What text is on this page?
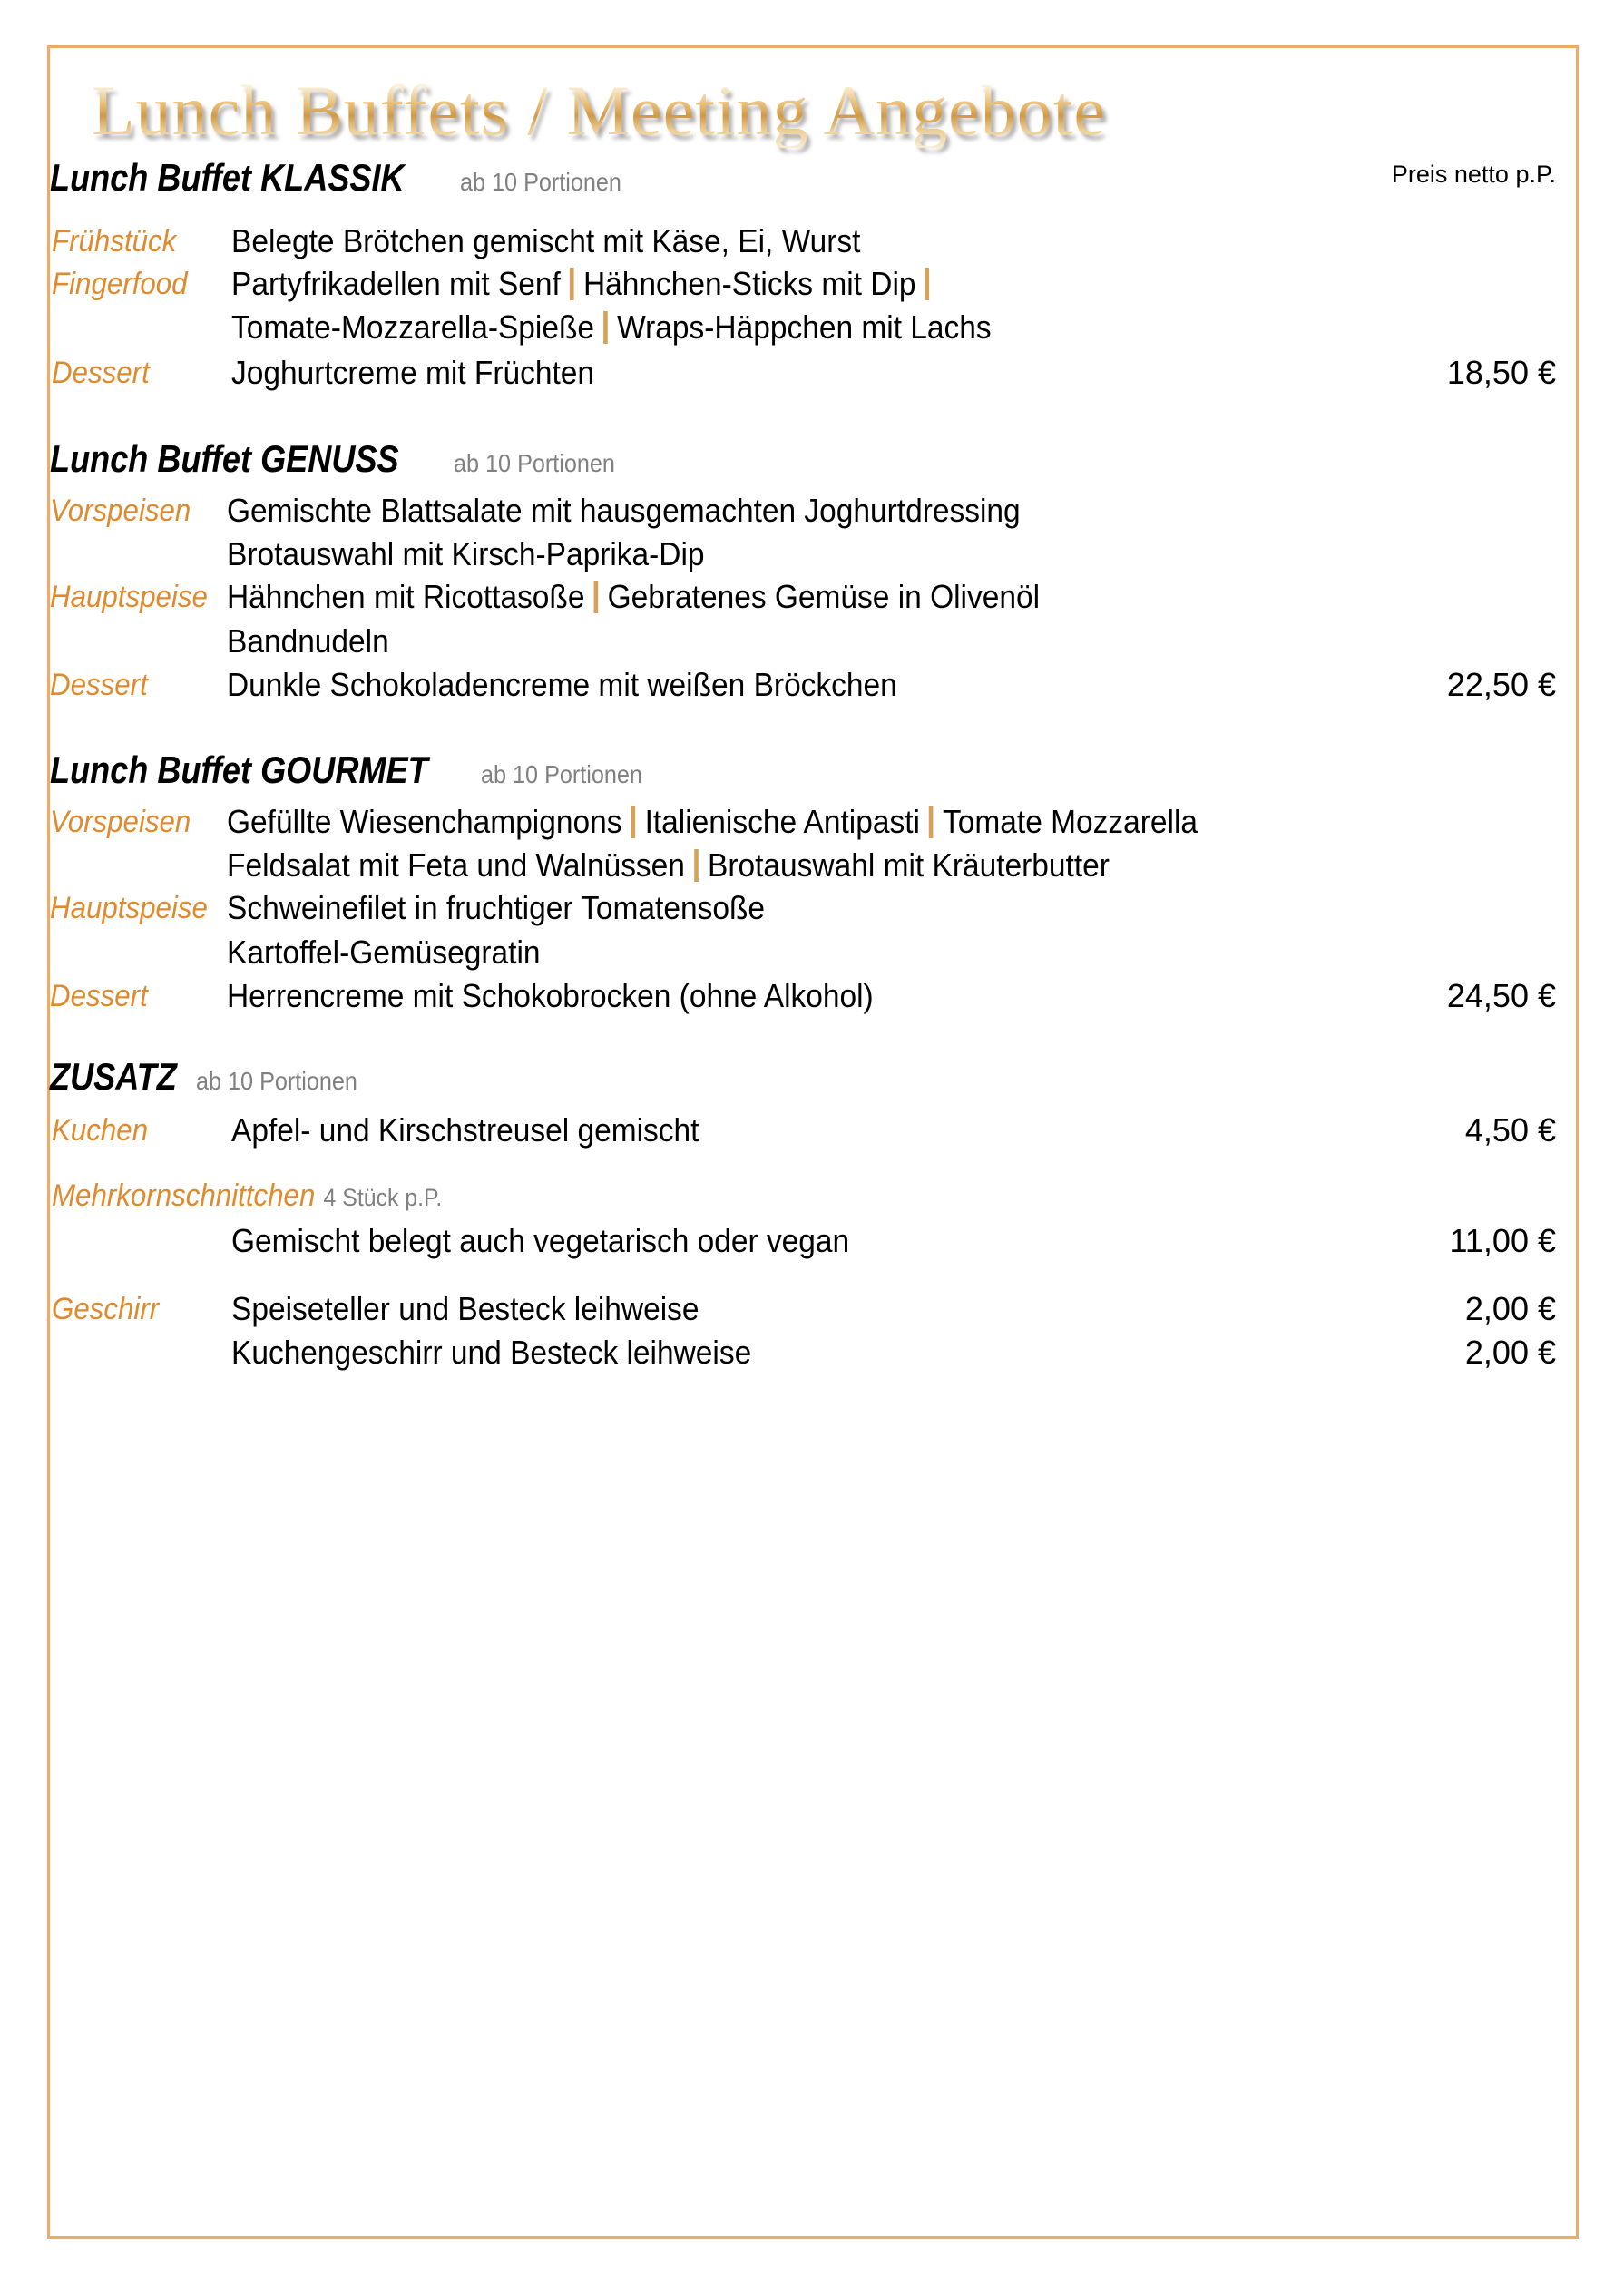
Lunch Buffets / Meeting Angebote
Preis netto p.P.
Lunch Buffet KLASSIKab 10 Portionen
Frühstück Belegte Brötchen gemischt mit Käse, Ei, Wurst
Fingerfood Partyfrikadellen mit Senf Hähnchen-Sticks mit Dip
Tomate-Mozzarella-Spieße Wraps-Häppchen mit Lachs
Dessert	Joghurtcreme mit Früchten	18,50 €
Lunch Buffet GENUSSab 10 Portionen
Vorspeisen Gemischte Blattsalate mit hausgemachten Joghurtdressing
Brotauswahl mit Kirsch-Paprika-Dip
Hauptspeise Hähnchen mit Ricottasoße Gebratenes Gemüse in Olivenöl
Bandnudeln
Dessert Dunkle Schokoladencreme mit weißen Bröckchen	22,50 €
Lunch Buffet GOURMETab 10 Portionen
Vorspeisen Gefüllte Wiesenchampignons Italienische Antipasti Tomate Mozzarella
Feldsalat mit Feta und Walnüssen Brotauswahl mit Kräuterbutter
Hauptspeise Schweinefilet in fruchtiger Tomatensoße
Kartoffel-Gemüsegratin
Dessert Herrencreme mit Schokobrocken (ohne Alkohol)	24,50 €
ZUSATZab 10 Portionen
Kuchen	Apfel- und Kirschstreusel gemischt	4,50 €
Mehrkornschnittchen 4 Stück p.P.
Gemischt belegt auch vegetarisch oder vegan	11,00 €
Geschirr Speiseteller und Besteck leihweise	2,00 €
Kuchengeschirr und Besteck leihweise	2,00 €
